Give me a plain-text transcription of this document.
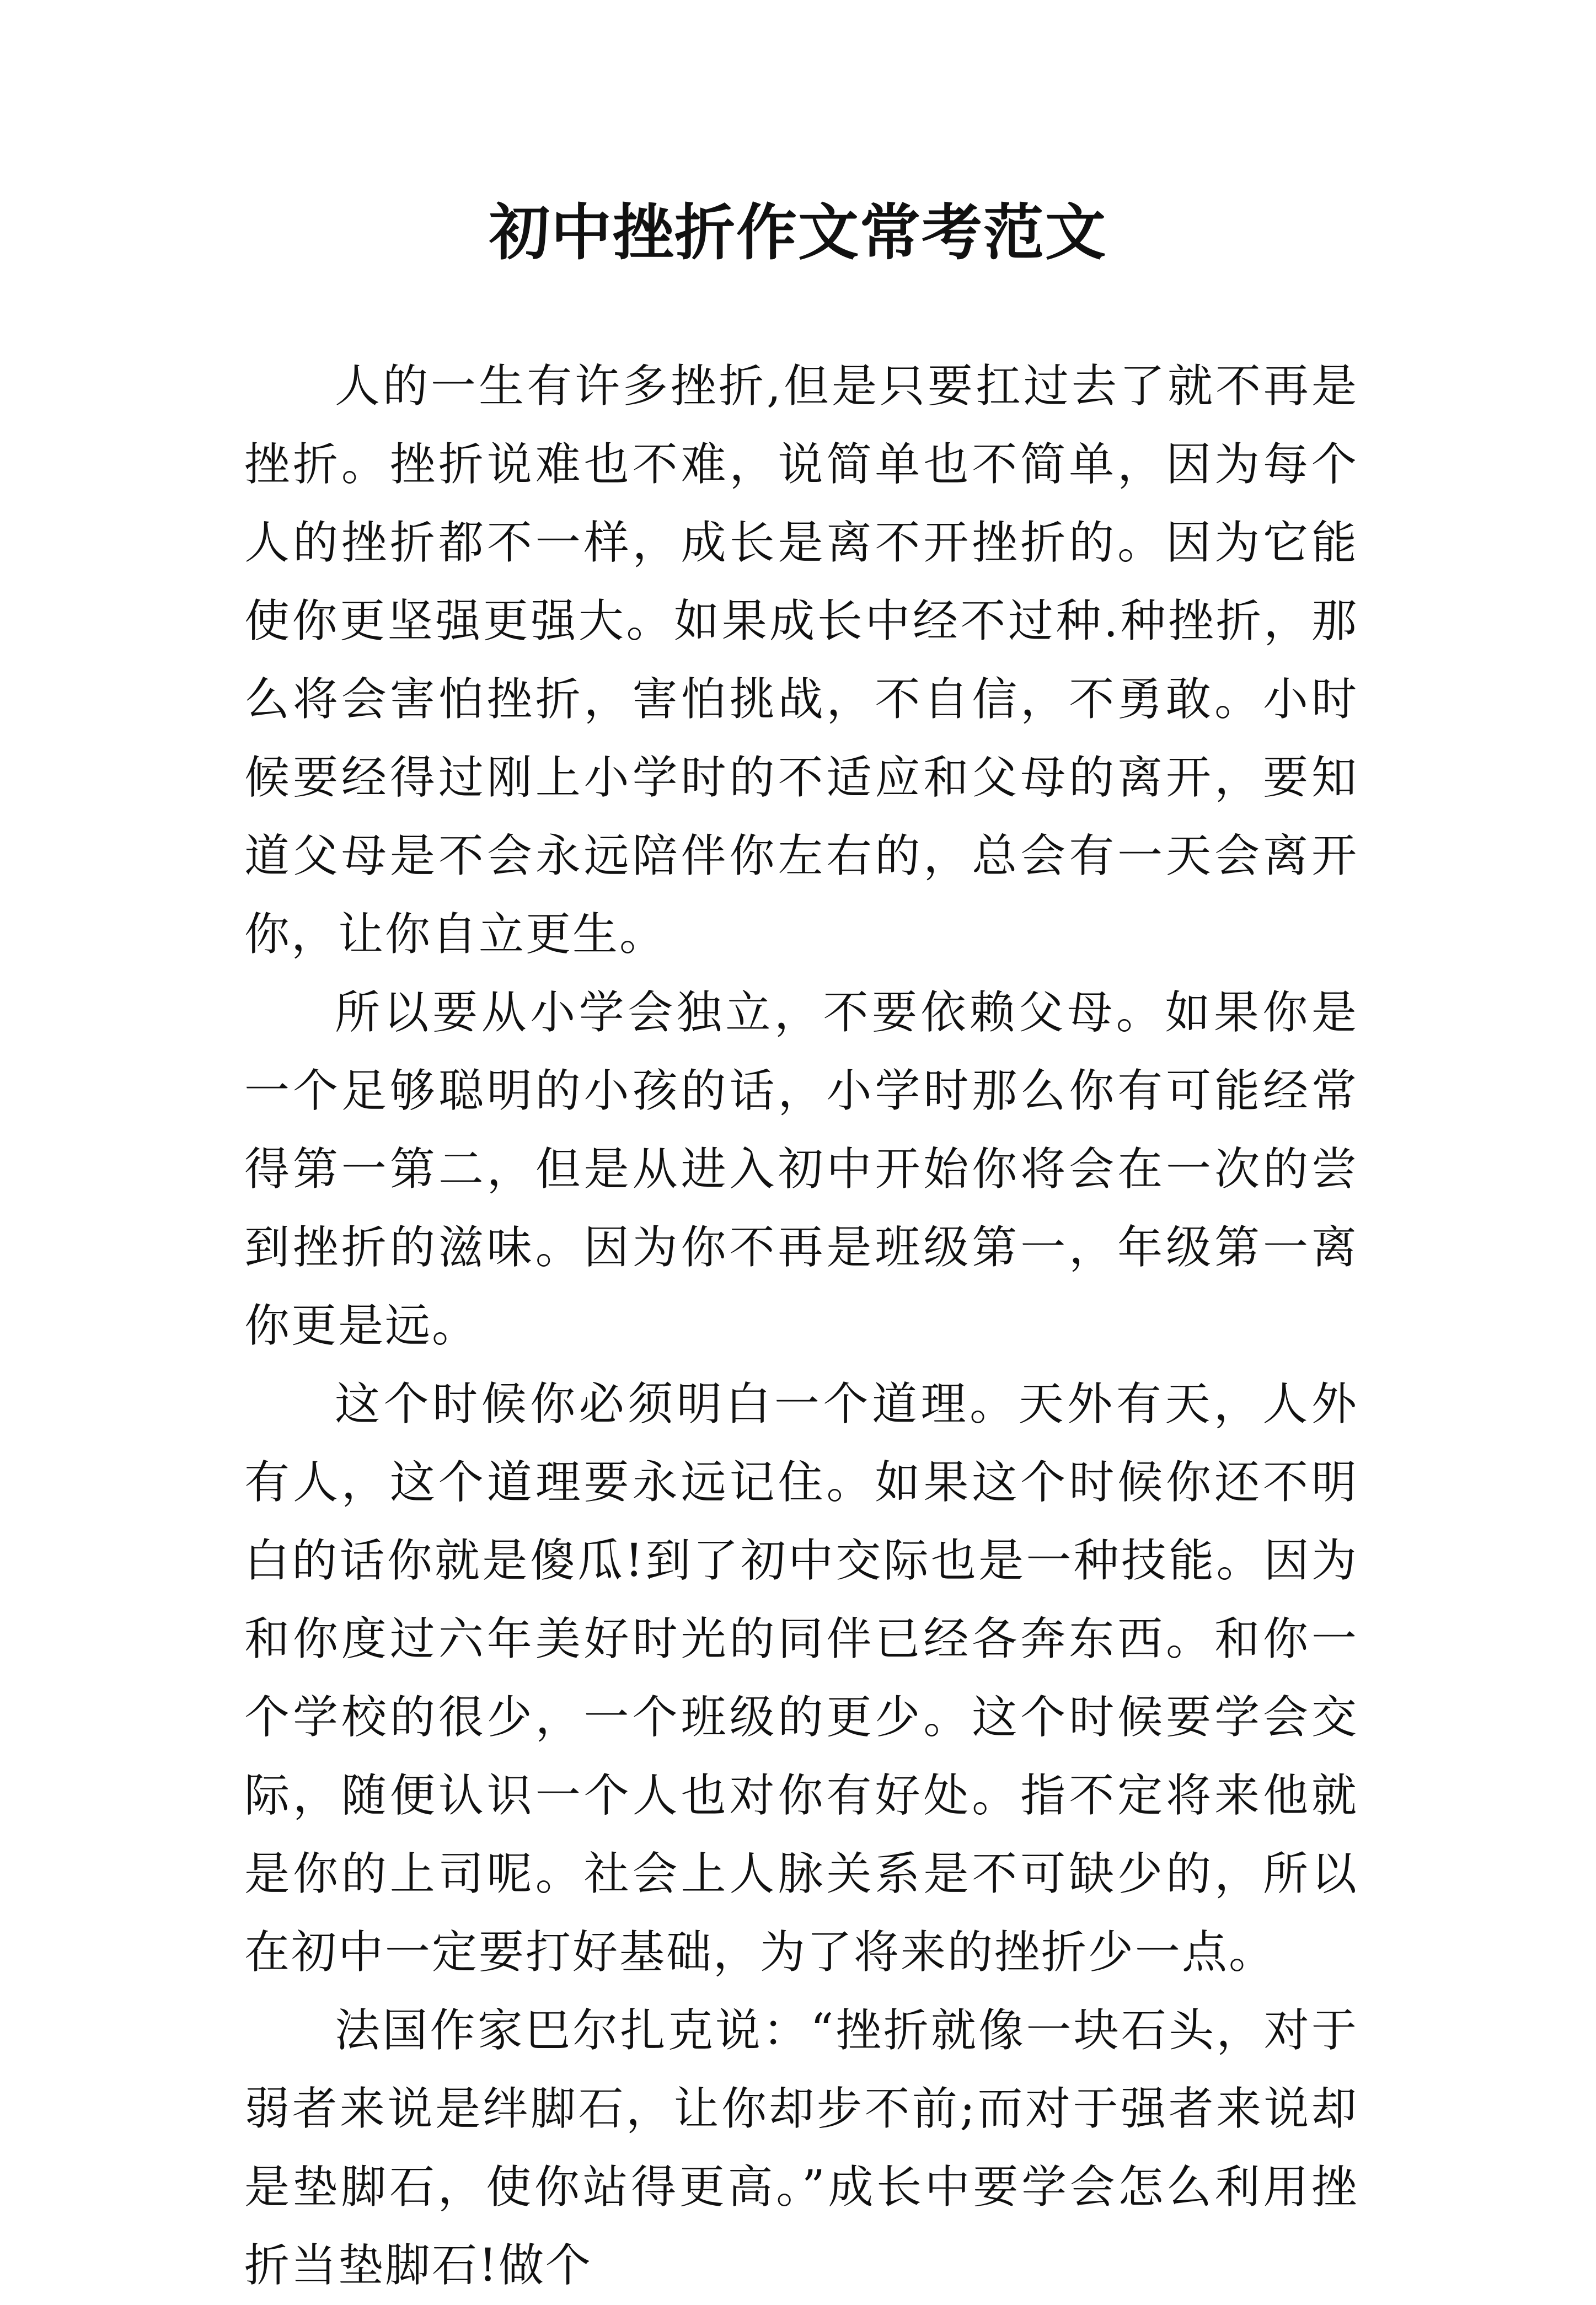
初中挫折作文常考范文

人的一生有许多挫折,但是只要扛过去了就不再是挫折。挫折说难也不难，说简单也不简单，因为每个人的挫折都不一样，成长是离不开挫折的。因为它能使你更坚强更强大。如果成长中经不过种.种挫折，那么将会害怕挫折，害怕挑战，不自信，不勇敢。小时候要经得过刚上小学时的不适应和父母的离开，要知道父母是不会永远陪伴你左右的，总会有一天会离开你，让你自立更生。

所以要从小学会独立，不要依赖父母。如果你是一个足够聪明的小孩的话，小学时那么你有可能经常得第一第二，但是从进入初中开始你将会在一次的尝到挫折的滋味。因为你不再是班级第一，年级第一离你更是远。

这个时候你必须明白一个道理。天外有天，人外有人，这个道理要永远记住。如果这个时候你还不明白的话你就是傻瓜!到了初中交际也是一种技能。因为和你度过六年美好时光的同伴已经各奔东西。和你一个学校的很少，一个班级的更少。这个时候要学会交际，随便认识一个人也对你有好处。指不定将来他就是你的上司呢。社会上人脉关系是不可缺少的，所以在初中一定要打好基础，为了将来的挫折少一点。

法国作家巴尔扎克说：“挫折就像一块石头，对于弱者来说是绊脚石，让你却步不前;而对于强者来说却是垫脚石，使你站得更高。”成长中要学会怎么利用挫折当垫脚石!做个
